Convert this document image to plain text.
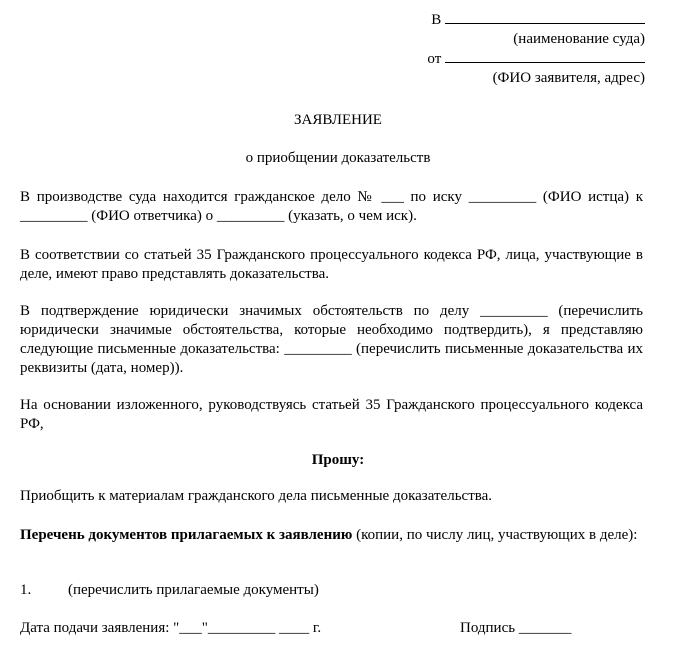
В
(наименование суда)
от
(ФИО заявителя, адрес)
ЗАЯВЛЕНИЕ
о приобщении доказательств
В производстве суда находится гражданское дело № ___ по иску _________ (ФИО истца) к _________ (ФИО ответчика) о _________ (указать, о чем иск).
В соответствии со статьей 35 Гражданского процессуального кодекса РФ, лица, участвующие в деле, имеют право представлять доказательства.
В подтверждение юридически значимых обстоятельств по делу _________ (перечислить юридически значимые обстоятельства, которые необходимо подтвердить), я представляю следующие письменные доказательства: _________ (перечислить письменные доказательства их реквизиты (дата, номер)).
На основании изложенного, руководствуясь статьей 35 Гражданского процессуального кодекса РФ,
Прошу:
Приобщить к материалам гражданского дела письменные доказательства.
Перечень документов прилагаемых к заявлению (копии, по числу лиц, участвующих в деле):
1. (перечислить прилагаемые документы)
Дата подачи заявления: "___"_________ ____ г.	Подпись _______
